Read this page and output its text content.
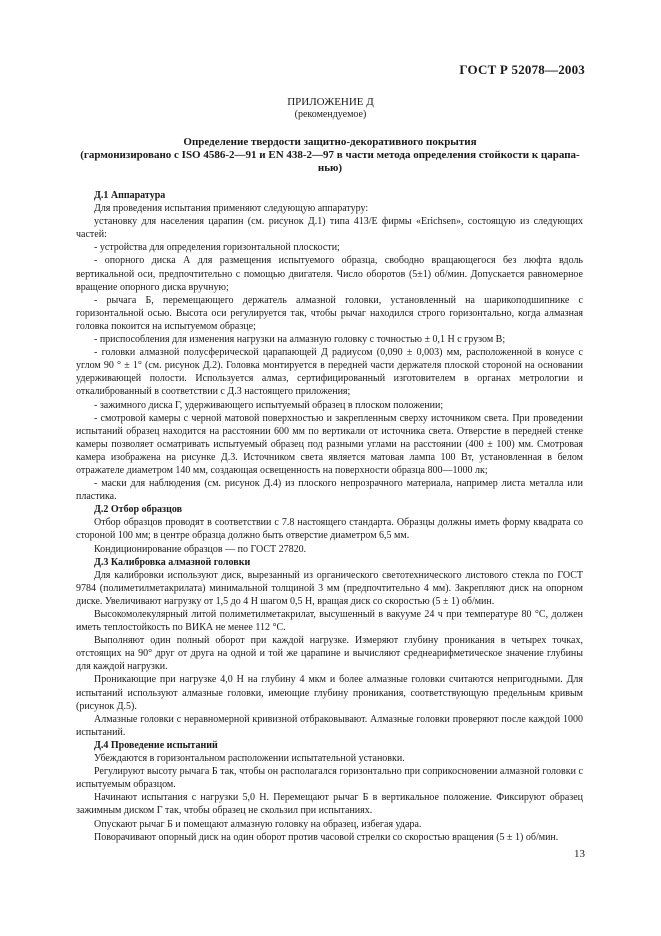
ГОСТ Р 52078—2003
ПРИЛОЖЕНИЕ Д
(рекомендуемое)
Определение твердости защитно-декоративного покрытия
(гармонизировано с ISO 4586-2—91 и EN 438-2—97 в части метода определения стойкости к царапа-
нью)

Д.1 Аппаратура

Для проведения испытания применяют следующую аппаратуру:

установку для населения царапин (см. рисунок Д.1) типа 413/Е фирмы «Erichsen», состоящую из следующих частей:

- устройства для определения горизонтальной плоскости;

- опорного диска А для размещения испытуемого образца, свободно вращающегося без люфта вдоль вертикальной оси, предпочтительно с помощью двигателя. Число оборотов (5±1) об/мин. Допускается равномерное вращение опорного диска вручную;

- рычага Б, перемещающего держатель алмазной головки, установленный на шарикоподшипнике с горизонтальной осью. Высота оси регулируется так, чтобы рычаг находился строго горизонтально, когда алмазная головка покоится на испытуемом образце;

- приспособления для изменения нагрузки на алмазную головку с точностью ± 0,1 Н с грузом В;

- головки алмазной полусферической царапающей Д радиусом (0,090 ± 0,003) мм, расположенной в конусе с углом 90 ° ± 1° (см. рисунок Д.2). Головка монтируется в передней части держателя плоской стороной на основании удерживающей полости. Используется алмаз, сертифицированный изготовителем в органах метрологии и откалиброванный в соответствии с Д.3 настоящего приложения;

- зажимного диска Г, удерживающего испытуемый образец в плоском положении;

- смотровой камеры с черной матовой поверхностью и закрепленным сверху источником света. При проведении испытаний образец находится на расстоянии 600 мм по вертикали от источника света. Отверстие в передней стенке камеры позволяет осматривать испытуемый образец под разными углами на расстоянии (400 ± 100) мм. Смотровая камера изображена на рисунке Д.3. Источником света является матовая лампа 100 Вт, установленная в белом отражателе диаметром 140 мм, создающая освещенность на поверхности образца 800—1000 лк;

- маски для наблюдения (см. рисунок Д.4) из плоского непрозрачного материала, например листа металла или пластика.

Д.2 Отбор образцов

Отбор образцов проводят в соответствии с 7.8 настоящего стандарта. Образцы должны иметь форму квадрата со стороной 100 мм; в центре образца должно быть отверстие диаметром 6,5 мм.

Кондиционирование образцов — по ГОСТ 27820.

Д.3 Калибровка алмазной головки

Для калибровки используют диск, вырезанный из органического светотехнического листового стекла по ГОСТ 9784 (полиметилметакрилата) минимальной толщиной 3 мм (предпочтительно 4 мм). Закрепляют диск на опорном диске. Увеличивают нагрузку от 1,5 до 4 Н шагом 0,5 Н, вращая диск со скоростью (5 ± 1) об/мин.

Высокомолекулярный литой полиметилметакрилат, высушенный в вакууме 24 ч при температуре 80 °С, должен иметь теплостойкость по ВИКА не менее 112 °С.

Выполняют один полный оборот при каждой нагрузке. Измеряют глубину проникания в четырех точках, отстоящих на 90° друг от друга на одной и той же царапине и вычисляют среднеарифметическое значение глубины для каждой нагрузки.

Проникающие при нагрузке 4,0 Н на глубину 4 мкм и более алмазные головки считаются непригодными. Для испытаний используют алмазные головки, имеющие глубину проникания, соответствующую предельным кривым (рисунок Д.5).

Алмазные головки с неравномерной кривизной отбраковывают. Алмазные головки проверяют после каждой 1000 испытаний.

Д.4 Проведение испытаний

Убеждаются в горизонтальном расположении испытательной установки.

Регулируют высоту рычага Б так, чтобы он располагался горизонтально при соприкосновении алмазной головки с испытуемым образцом.

Начинают испытания с нагрузки 5,0 Н. Перемещают рычаг Б в вертикальное положение. Фиксируют образец зажимным диском Г так, чтобы образец не скользил при испытаниях.

Опускают рычаг Б и помещают алмазную головку на образец, избегая удара.

Поворачивают опорный диск на один оборот против часовой стрелки со скоростью вращения (5 ± 1) об/мин.

13
